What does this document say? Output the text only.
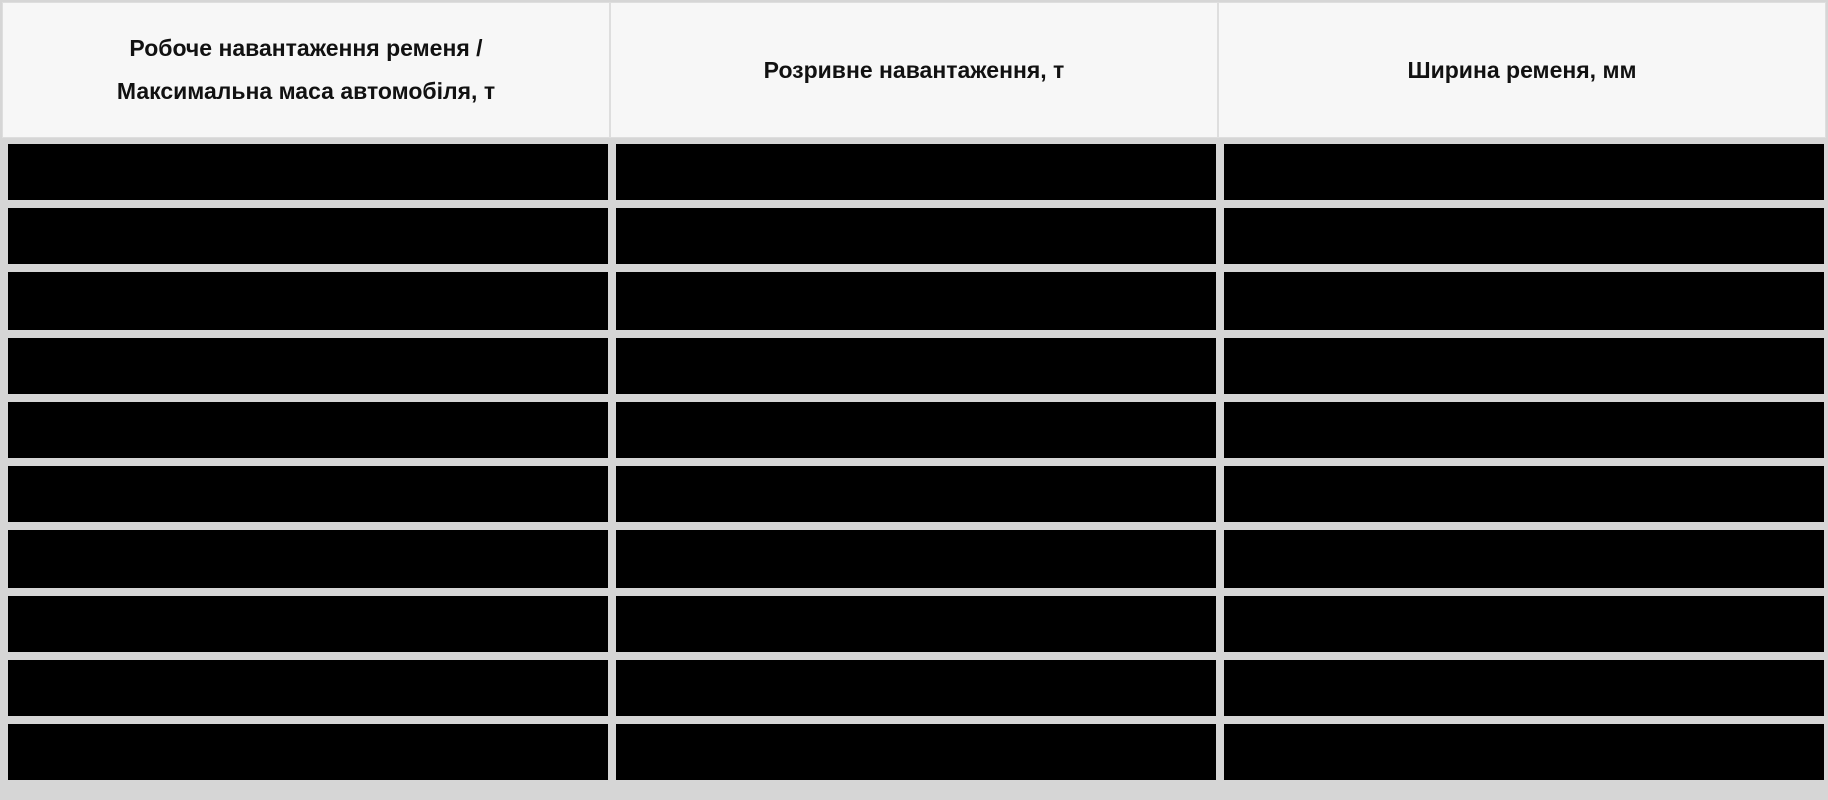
Робоче навантаження ременя /
Максимальна маса автомобіля, т
Розривне навантаження, т	Ширина ременя, мм
